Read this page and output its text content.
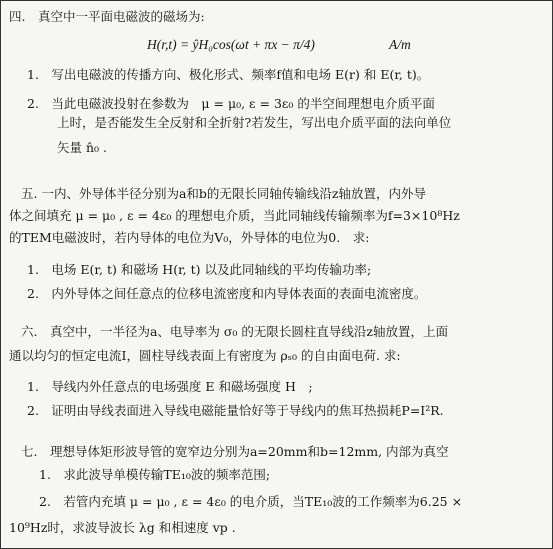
四.　真空中一平面电磁波的磁场为:
H(r,t) = ŷH₀cos(ωt + πx − π/4)	A/m
1.　写出电磁波的传播方向、极化形式、频率f值和电场 E(r) 和 E(r, t)。
2.　当此电磁波投射在参数为　μ = μ₀, ε = 3ε₀ 的半空间理想电介质平面
上时，是否能发生全反射和全折射?若发生，写出电介质平面的法向单位
矢量 n̂₀ .
五. 一内、外导体半径分别为a和b的无限长同轴传输线沿z轴放置，内外导
体之间填充 μ = μ₀ , ε = 4ε₀ 的理想电介质，当此同轴线传输频率为f=3×10⁸Hz
的TEM电磁波时，若内导体的电位为V₀，外导体的电位为0.　求:
1.　电场 E(r, t) 和磁场 H(r, t) 以及此同轴线的平均传输功率;
2.　内外导体之间任意点的位移电流密度和内导体表面的表面电流密度。
六.　真空中，一半径为a、电导率为 σ₀ 的无限长圆柱直导线沿z轴放置，上面
通以均匀的恒定电流I，圆柱导线表面上有密度为 ρₛ₀ 的自由面电荷. 求:
1.　导线内外任意点的电场强度 E 和磁场强度 H　;
2.　证明由导线表面进入导线电磁能量恰好等于导线内的焦耳热损耗P=I²R.
七.　理想导体矩形波导管的宽窄边分别为a=20mm和b=12mm, 内部为真空
1.　求此波导单模传输TE₁₀波的频率范围;
2.　若管内充填 μ = μ₀ , ε = 4ε₀ 的电介质，当TE₁₀波的工作频率为6.25 ×
10⁹Hz时，求波导波长 λg 和相速度 vp .
